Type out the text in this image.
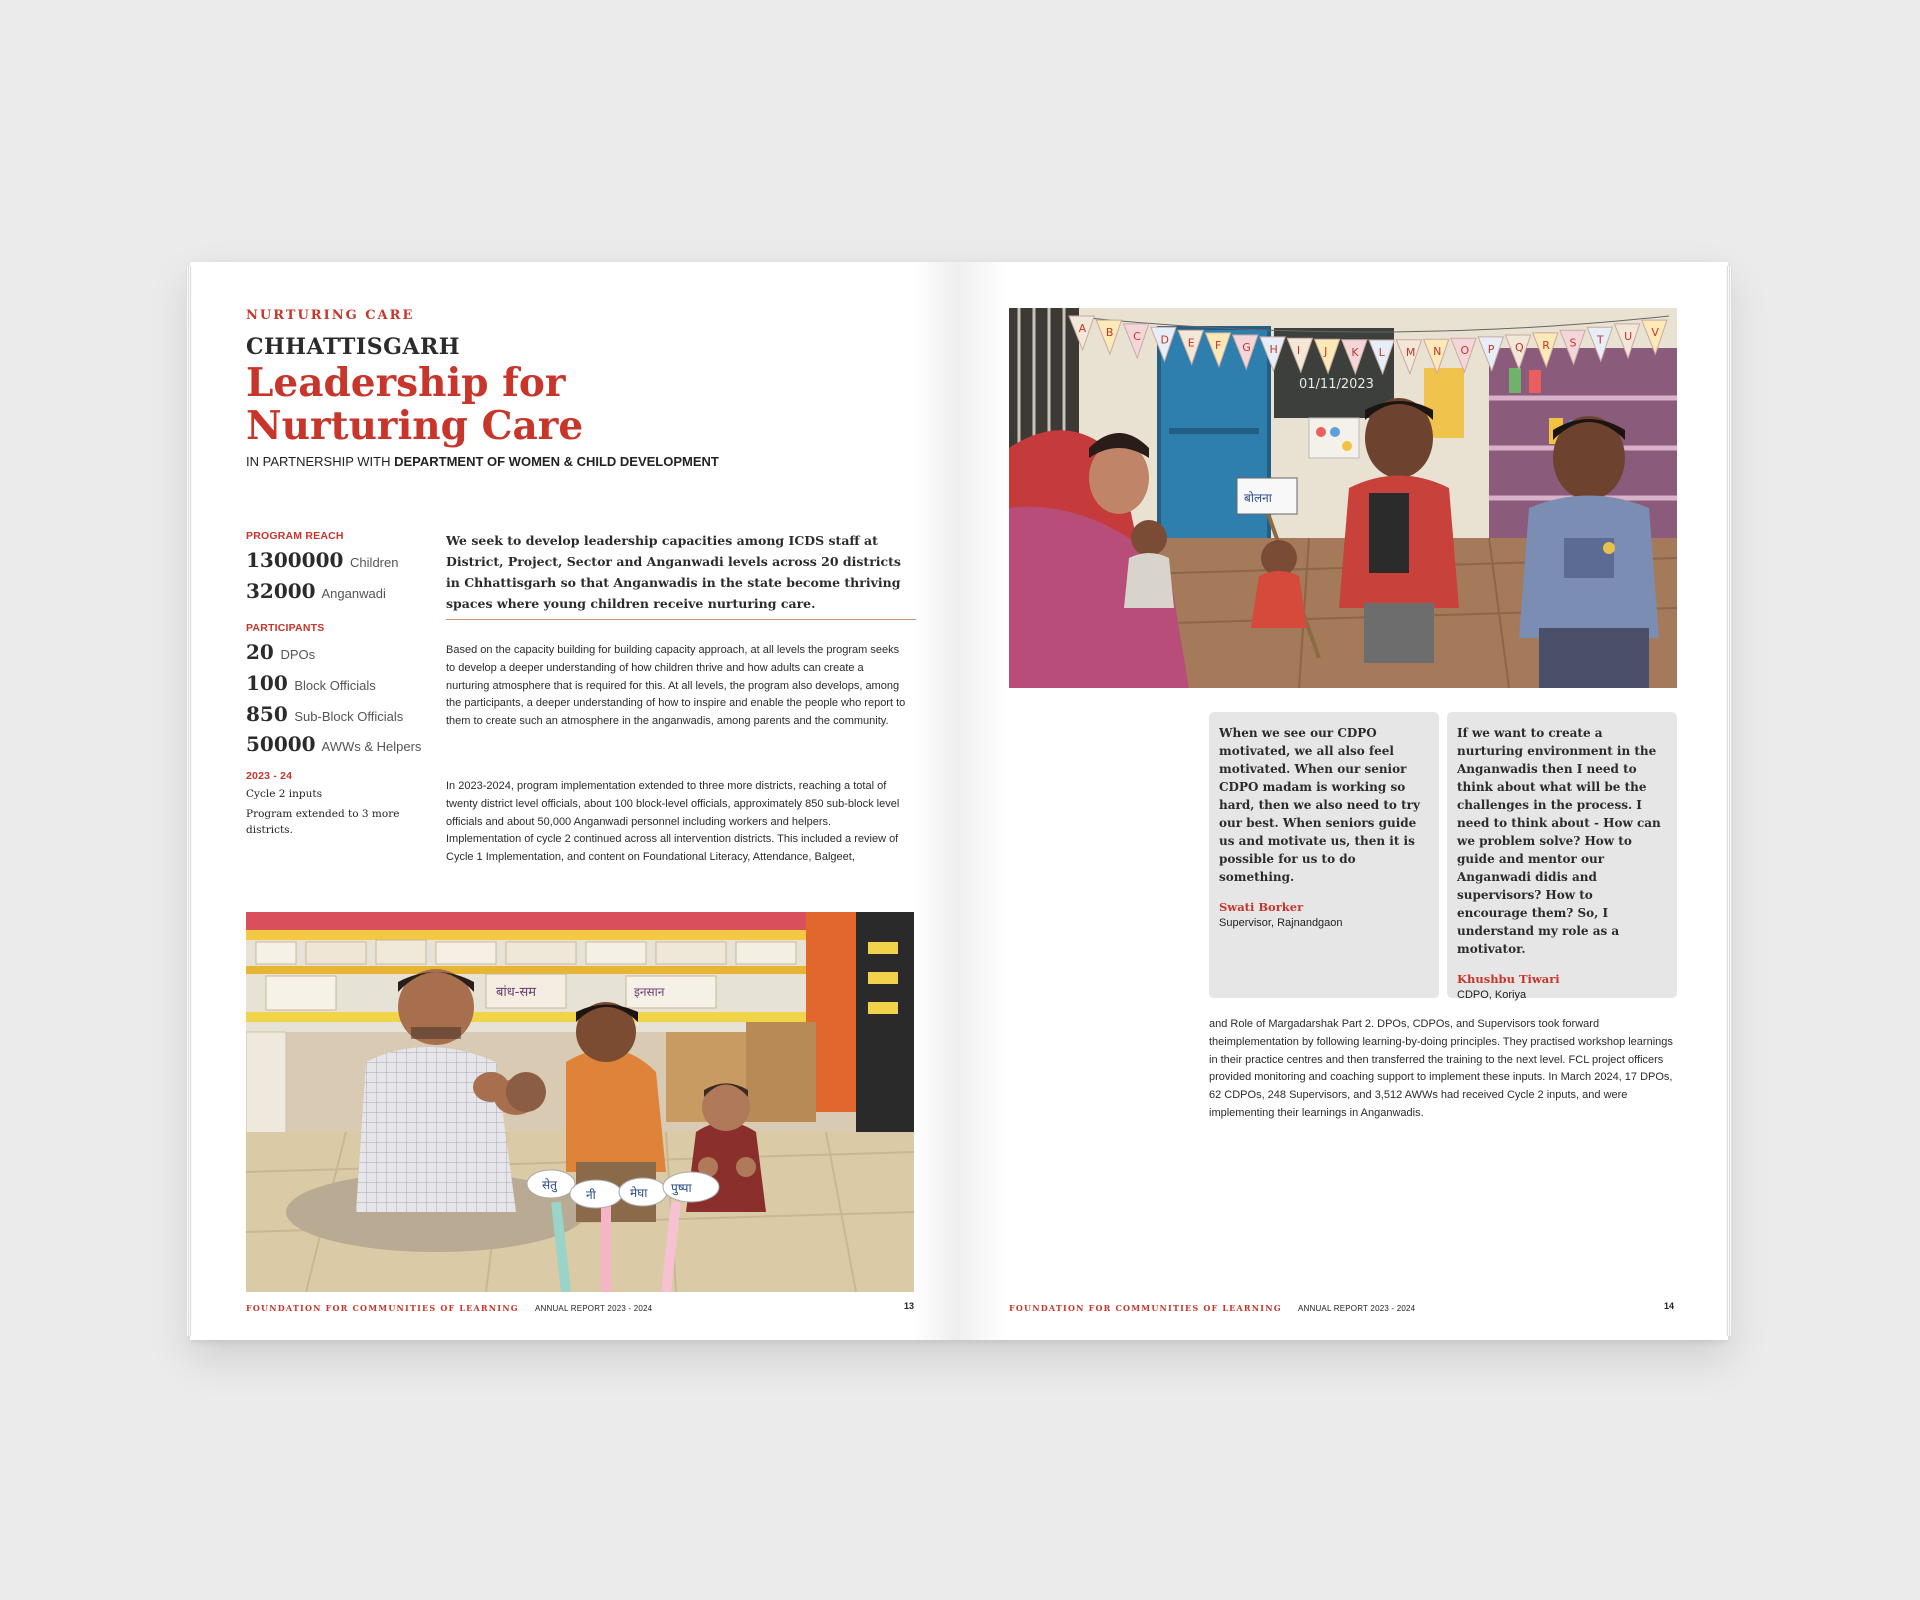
NURTURING CARE
CHHATTISGARH
Leadership for
Nurturing Care
IN PARTNERSHIP WITH DEPARTMENT OF WOMEN & CHILD DEVELOPMENT
PROGRAM REACH
1300000 Children
32000 Anganwadi
PARTICIPANTS
20 DPOs
100 Block Officials
850 Sub-Block Officials
50000 AWWs & Helpers
2023 - 24
Cycle 2 inputs
Program extended to 3 more districts.
We seek to develop leadership capacities among ICDS staff at District, Project, Sector and Anganwadi levels across 20 districts in Chhattisgarh so that Anganwadis in the state become thriving spaces where young children receive nurturing care.
Based on the capacity building for building capacity approach, at all levels the program seeks to develop a deeper understanding of how children thrive and how adults can create a nurturing atmosphere that is required for this. At all levels, the program also develops, among the participants, a deeper understanding of how to inspire and enable the people who report to them to create such an atmosphere in the anganwadis, among parents and the community.
In 2023-2024, program implementation extended to three more districts, reaching a total of twenty district level officials, about 100 block-level officials, approximately 850 sub-block level officials and about 50,000 Anganwadi personnel including workers and helpers. Implementation of cycle 2 continued across all intervention districts. This included a review of Cycle 1 Implementation, and content on Foundational Literacy, Attendance, Balgeet,
बांध-सम	इनसान
सेतु
नी	मेघा पुष्पा
FOUNDATION FOR COMMUNITIES OF LEARNING ANNUAL REPORT 2023 - 2024	13
01/11/2023
A B C D E F G H I J K L M N O P Q R S T U V
बोलना
When we see our CDPO motivated, we all also feel motivated. When our senior CDPO madam is working so hard, then we also need to try our best. When seniors guide us and motivate us, then it is possible for us to do something.
Swati Borker
Supervisor, Rajnandgaon
If we want to create a nurturing environment in the Anganwadis then I need to think about what will be the challenges in the process. I need to think about - How can we problem solve? How to guide and mentor our Anganwadi didis and supervisors? How to encourage them? So, I understand my role as a motivator.
Khushbu Tiwari
CDPO, Koriya
and Role of Margadarshak Part 2. DPOs, CDPOs, and Supervisors took forward theimplementation by following learning-by-doing principles. They practised workshop learnings in their practice centres and then transferred the training to the next level. FCL project officers provided monitoring and coaching support to implement these inputs. In March 2024, 17 DPOs, 62 CDPOs, 248 Supervisors, and 3,512 AWWs had received Cycle 2 inputs, and were implementing their learnings in Anganwadis.
FOUNDATION FOR COMMUNITIES OF LEARNING ANNUAL REPORT 2023 - 2024	14
